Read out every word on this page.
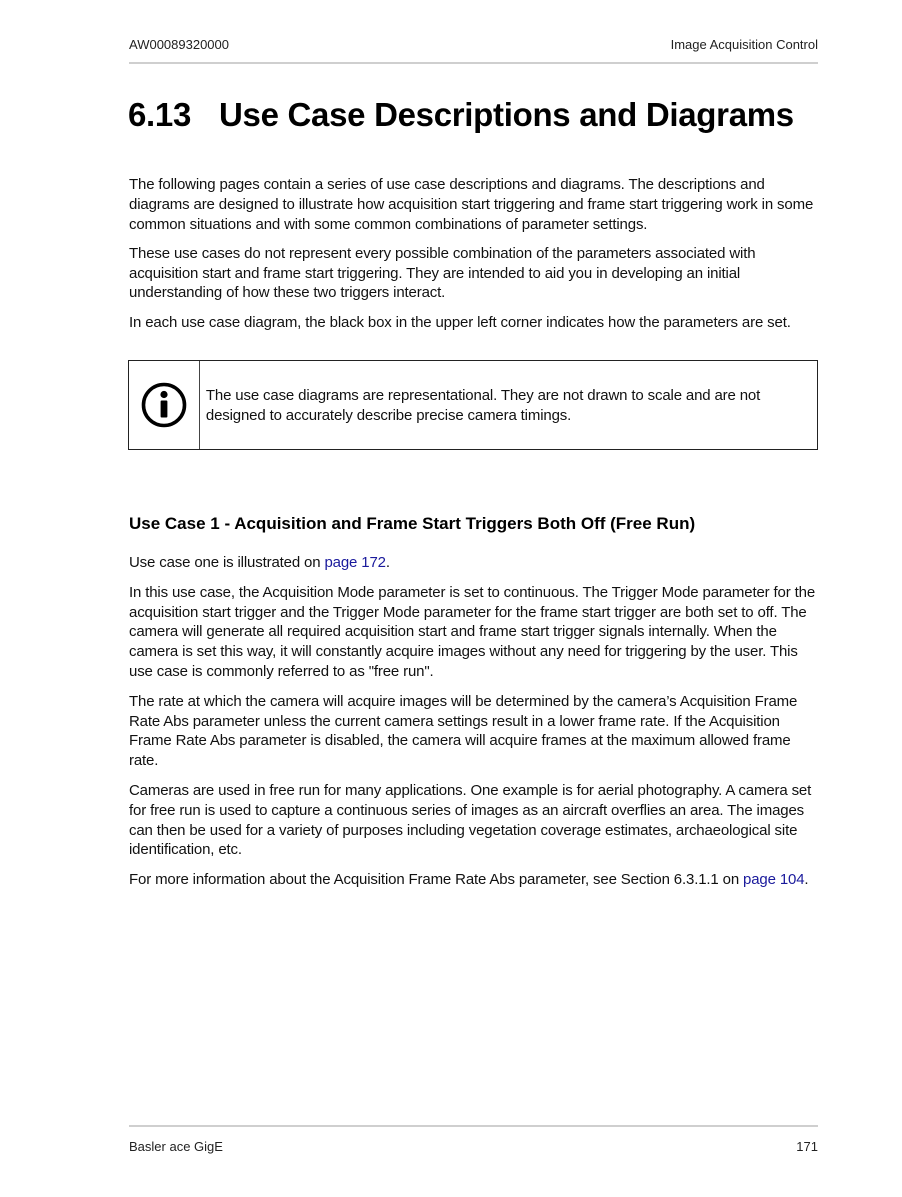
AW00089320000	Image Acquisition Control
6.13 Use Case Descriptions and Diagrams

The following pages contain a series of use case descriptions and diagrams. The descriptions and diagrams are designed to illustrate how acquisition start triggering and frame start triggering work in some common situations and with some common combinations of parameter settings.

These use cases do not represent every possible combination of the parameters associated with acquisition start and frame start triggering. They are intended to aid you in developing an initial understanding of how these two triggers interact.

In each use case diagram, the black box in the upper left corner indicates how the parameters are set.

The use case diagrams are representational. They are not drawn to scale and are not designed to accurately describe precise camera timings.
Use Case 1 - Acquisition and Frame Start Triggers Both Off (Free Run)

Use case one is illustrated on page 172.

In this use case, the Acquisition Mode parameter is set to continuous. The Trigger Mode parameter for the acquisition start trigger and the Trigger Mode parameter for the frame start trigger are both set to off. The camera will generate all required acquisition start and frame start trigger signals internally. When the camera is set this way, it will constantly acquire images without any need for triggering by the user. This use case is commonly referred to as "free run".

The rate at which the camera will acquire images will be determined by the camera’s Acquisition Frame Rate Abs parameter unless the current camera settings result in a lower frame rate. If the Acquisition Frame Rate Abs parameter is disabled, the camera will acquire frames at the maximum allowed frame rate.

Cameras are used in free run for many applications. One example is for aerial photography. A camera set for free run is used to capture a continuous series of images as an aircraft overflies an area. The images can then be used for a variety of purposes including vegetation coverage estimates, archaeological site identification, etc.

For more information about the Acquisition Frame Rate Abs parameter, see Section 6.3.1.1 on page 104.

Basler ace GigE	171
